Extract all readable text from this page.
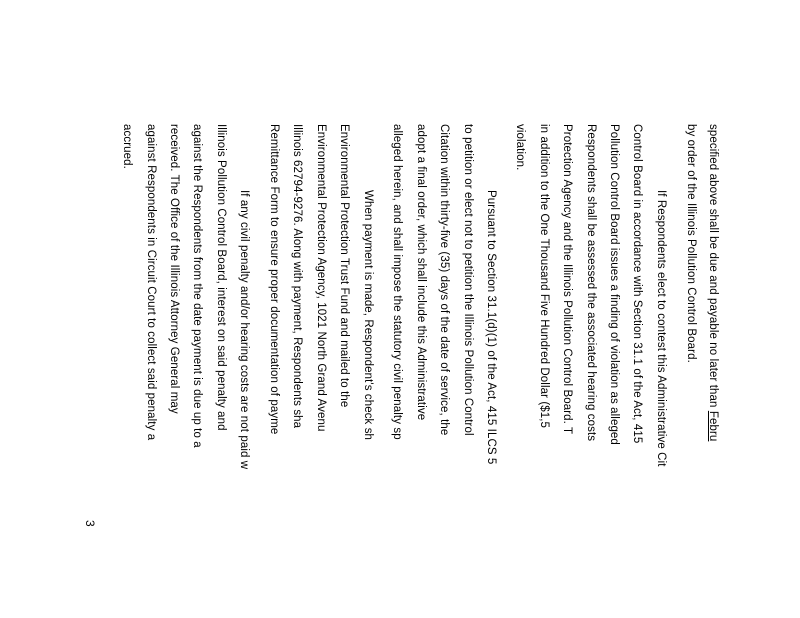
specified above shall be due and payable no later than Febru
by order of the Illinois Pollution Control Board.
If Respondents elect to contest this Administrative Cit
Control Board in accordance with Section 31.1 of the Act, 415
Pollution Control Board issues a finding of violation as alleged
Respondents shall be assessed the associated hearing costs
Protection Agency and the Illinois Pollution Control Board. T
in addition to the One Thousand Five Hundred Dollar ($1,5
violation.
Pursuant to Section 31.1(d)(1) of the Act, 415 ILCS 5
to petition or elect not to petition the Illinois Pollution Control
Citation within thirty-five (35) days of the date of service, the
adopt a final order, which shall include this Administrative
alleged herein, and shall impose the statutory civil penalty sp
When payment is made, Respondent's check sh
Environmental Protection Trust Fund and mailed to the
Environmental Protection Agency, 1021 North Grand Avenu
Illinois 62794-9276. Along with payment, Respondents sha
Remittance Form to ensure proper documentation of payme
If any civil penalty and/or hearing costs are not paid w
Illinois Pollution Control Board, interest on said penalty and
against the Respondents from the date payment is due up to a
received. The Office of the Illinois Attorney General may
against Respondents in Circuit Court to collect said penalty a
accrued.
3
